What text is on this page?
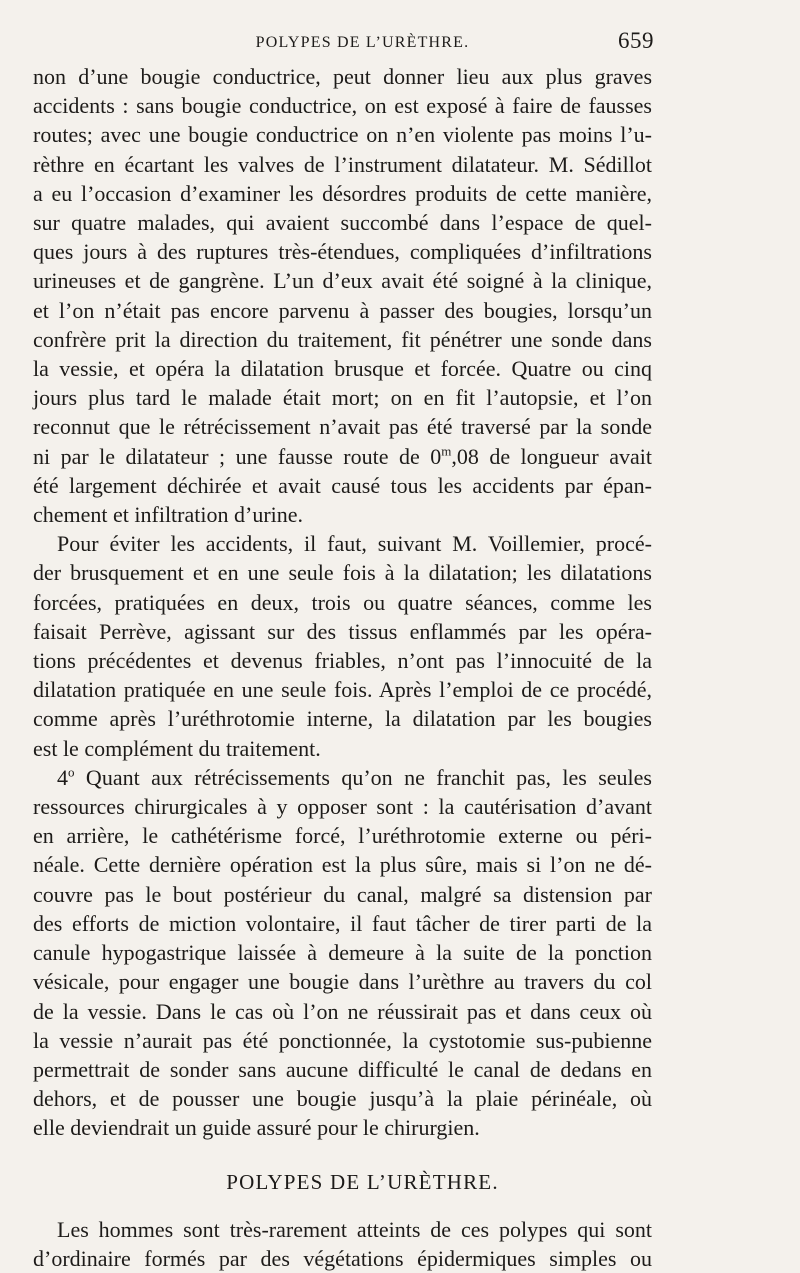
POLYPES DE L’URÈTHRE.	659

non d’une bougie conductrice, peut donner lieu aux plus graves
accidents : sans bougie conductrice, on est exposé à faire de fausses
routes; avec une bougie conductrice on n’en violente pas moins l’u-
rèthre en écartant les valves de l’instrument dilatateur. M. Sédillot
a eu l’occasion d’examiner les désordres produits de cette manière,
sur quatre malades, qui avaient succombé dans l’espace de quel-
ques jours à des ruptures très-étendues, compliquées d’infiltrations
urineuses et de gangrène. L’un d’eux avait été soigné à la clinique,
et l’on n’était pas encore parvenu à passer des bougies, lorsqu’un
confrère prit la direction du traitement, fit pénétrer une sonde dans
la vessie, et opéra la dilatation brusque et forcée. Quatre ou cinq
jours plus tard le malade était mort; on en fit l’autopsie, et l’on
reconnut que le rétrécissement n’avait pas été traversé par la sonde
ni par le dilatateur ; une fausse route de 0$^m$,08 de longueur avait
été largement déchirée et avait causé tous les accidents par épan-
chement et infiltration d’urine.

Pour éviter les accidents, il faut, suivant M. Voillemier, procé-
der brusquement et en une seule fois à la dilatation; les dilatations
forcées, pratiquées en deux, trois ou quatre séances, comme les
faisait Perrève, agissant sur des tissus enflammés par les opéra-
tions précédentes et devenus friables, n’ont pas l’innocuité de la
dilatation pratiquée en une seule fois. Après l’emploi de ce procédé,
comme après l’uréthrotomie interne, la dilatation par les bougies
est le complément du traitement.

4$^o$ Quant aux rétrécissements qu’on ne franchit pas, les seules
ressources chirurgicales à y opposer sont : la cautérisation d’avant
en arrière, le cathétérisme forcé, l’uréthrotomie externe ou péri-
néale. Cette dernière opération est la plus sûre, mais si l’on ne dé-
couvre pas le bout postérieur du canal, malgré sa distension par
des efforts de miction volontaire, il faut tâcher de tirer parti de la
canule hypogastrique laissée à demeure à la suite de la ponction
vésicale, pour engager une bougie dans l’urèthre au travers du col
de la vessie. Dans le cas où l’on ne réussirait pas et dans ceux où
la vessie n’aurait pas été ponctionnée, la cystotomie sus-pubienne
permettrait de sonder sans aucune difficulté le canal de dedans en
dehors, et de pousser une bougie jusqu’à la plaie périnéale, où
elle deviendrait un guide assuré pour le chirurgien.

POLYPES DE L’URÈTHRE.

Les hommes sont très-rarement atteints de ces polypes qui sont
d’ordinaire formés par des végétations épidermiques simples ou
